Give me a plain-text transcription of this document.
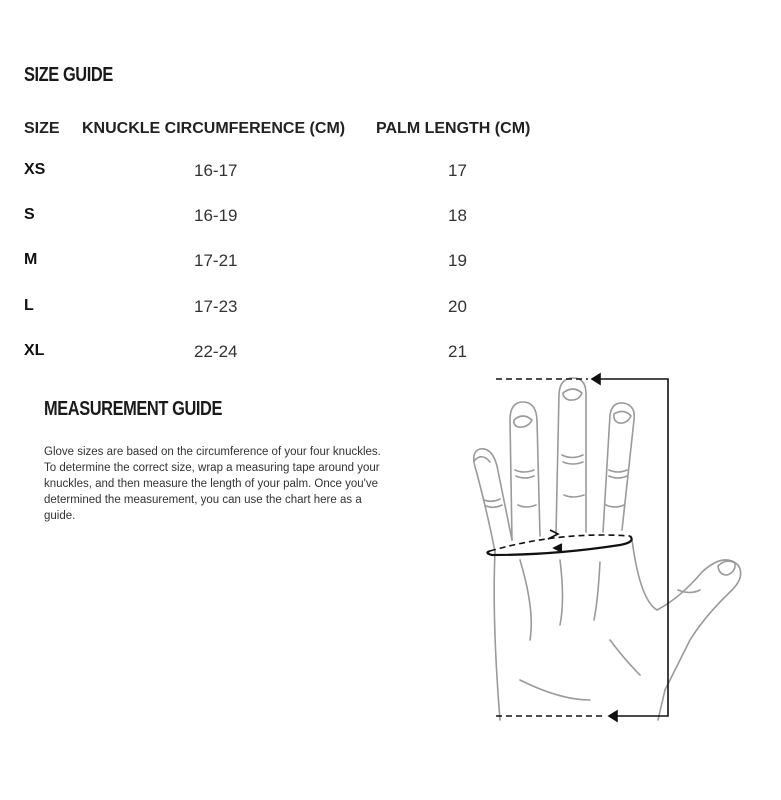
SIZE GUIDE
SIZE KNUCKLE CIRCUMFERENCE (CM) PALM LENGTH (CM)
XS	16-17	17
S	16-19	18
M	17-21	19
L	17-23	20
XL	22-24	21
MEASUREMENT GUIDE
Glove sizes are based on the circumference of your four knuckles. To determine the correct size, wrap a measuring tape around your knuckles, and then measure the length of your palm. Once you've determined the measurement, you can use the chart here as a guide.
